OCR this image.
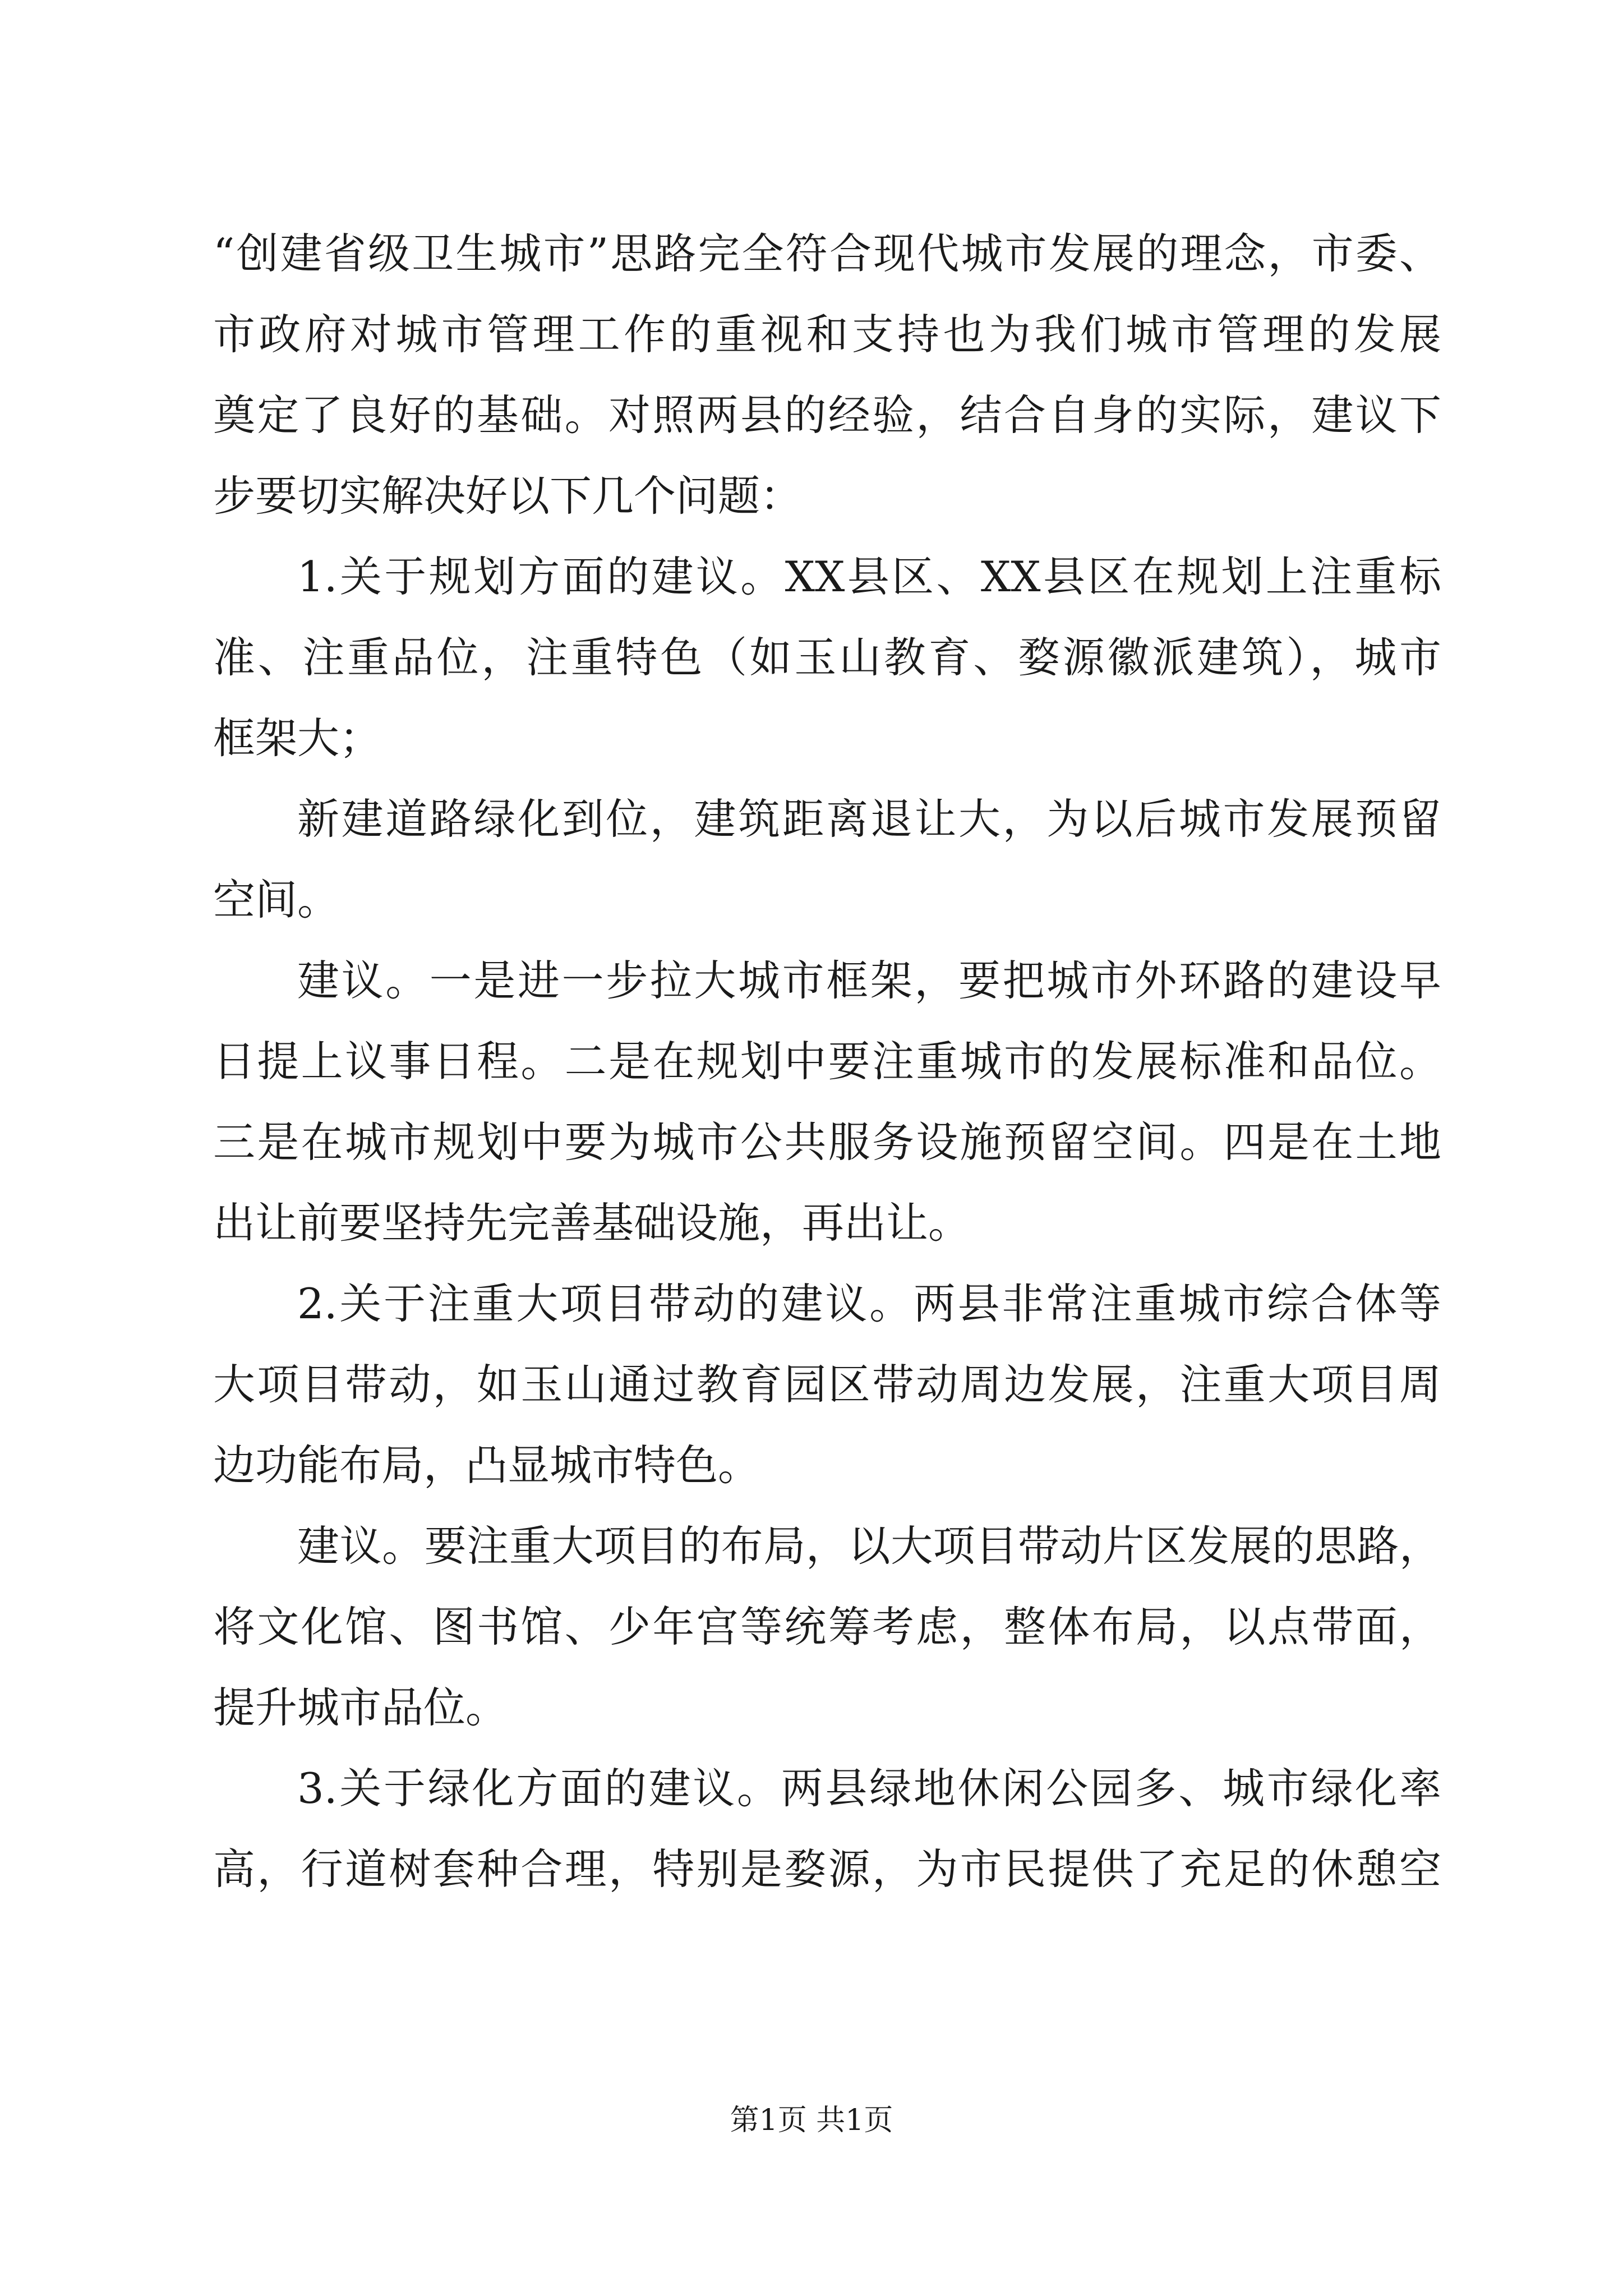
“创建省级卫生城市”思路完全符合现代城市发展的理念，市委、
市政府对城市管理工作的重视和支持也为我们城市管理的发展
奠定了良好的基础。对照两县的经验，结合自身的实际，建议下
步要切实解决好以下几个问题：
1.关于规划方面的建议。XX县区、XX县区在规划上注重标
准、注重品位，注重特色（如玉山教育、婺源徽派建筑），城市
框架大；
新建道路绿化到位，建筑距离退让大，为以后城市发展预留
空间。
建议。一是进一步拉大城市框架，要把城市外环路的建设早
日提上议事日程。二是在规划中要注重城市的发展标准和品位。
三是在城市规划中要为城市公共服务设施预留空间。四是在土地
出让前要坚持先完善基础设施，再出让。
2.关于注重大项目带动的建议。两县非常注重城市综合体等
大项目带动，如玉山通过教育园区带动周边发展，注重大项目周
边功能布局，凸显城市特色。
建议。要注重大项目的布局，以大项目带动片区发展的思路，
将文化馆、图书馆、少年宫等统筹考虑，整体布局，以点带面，
提升城市品位。
3.关于绿化方面的建议。两县绿地休闲公园多、城市绿化率
高，行道树套种合理，特别是婺源，为市民提供了充足的休憩空
第1页 共1页
